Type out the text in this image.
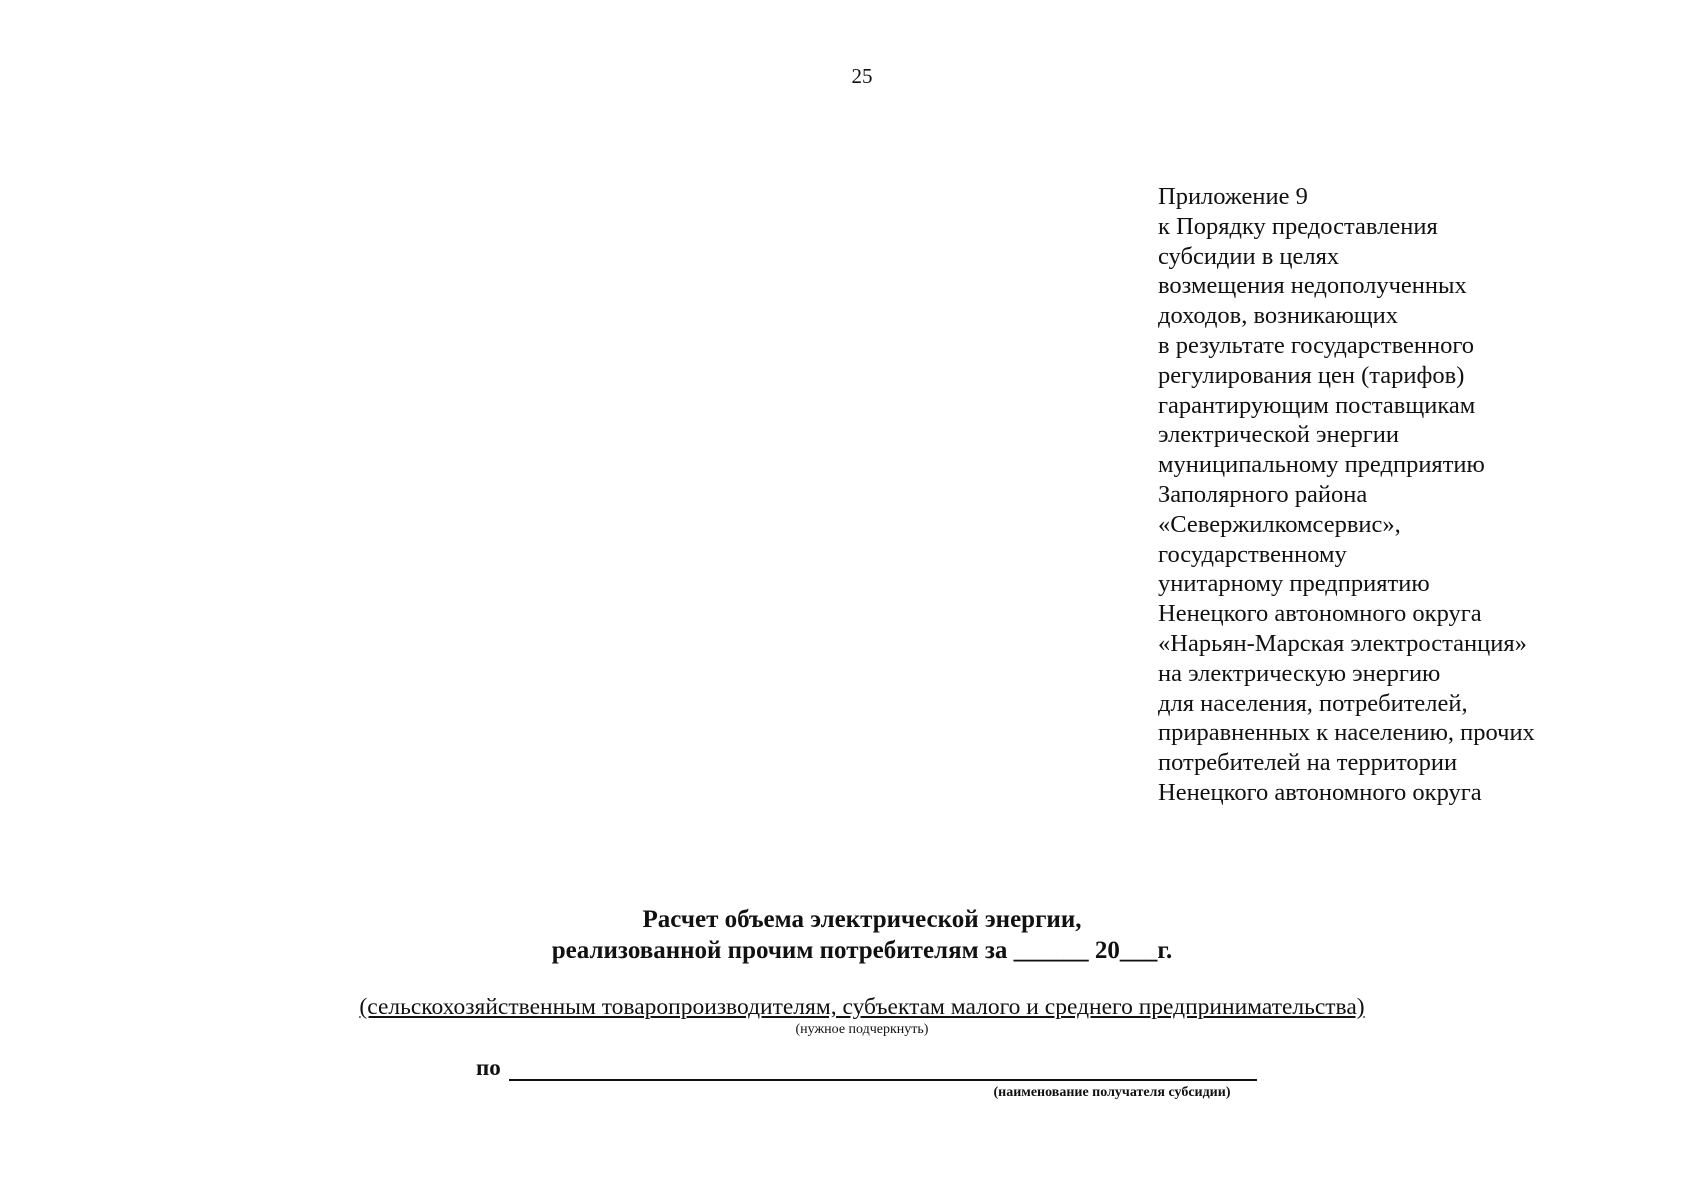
25
Приложение 9
к Порядку предоставления
субсидии в целях
возмещения недополученных
доходов, возникающих
в результате государственного
регулирования цен (тарифов)
гарантирующим поставщикам
электрической энергии
муниципальному предприятию
Заполярного района
«Севержилкомсервис»,
государственному
унитарному предприятию
Ненецкого автономного округа
«Нарьян-Марская электростанция»
на электрическую энергию
для населения, потребителей,
приравненных к населению, прочих
потребителей на территории
Ненецкого автономного округа
Расчет объема электрической энергии,
реализованной прочим потребителям за ______ 20___г.
(сельскохозяйственным товаропроизводителям, субъектам малого и среднего предпринимательства)
(нужное подчеркнуть)
по
(наименование получателя субсидии)
